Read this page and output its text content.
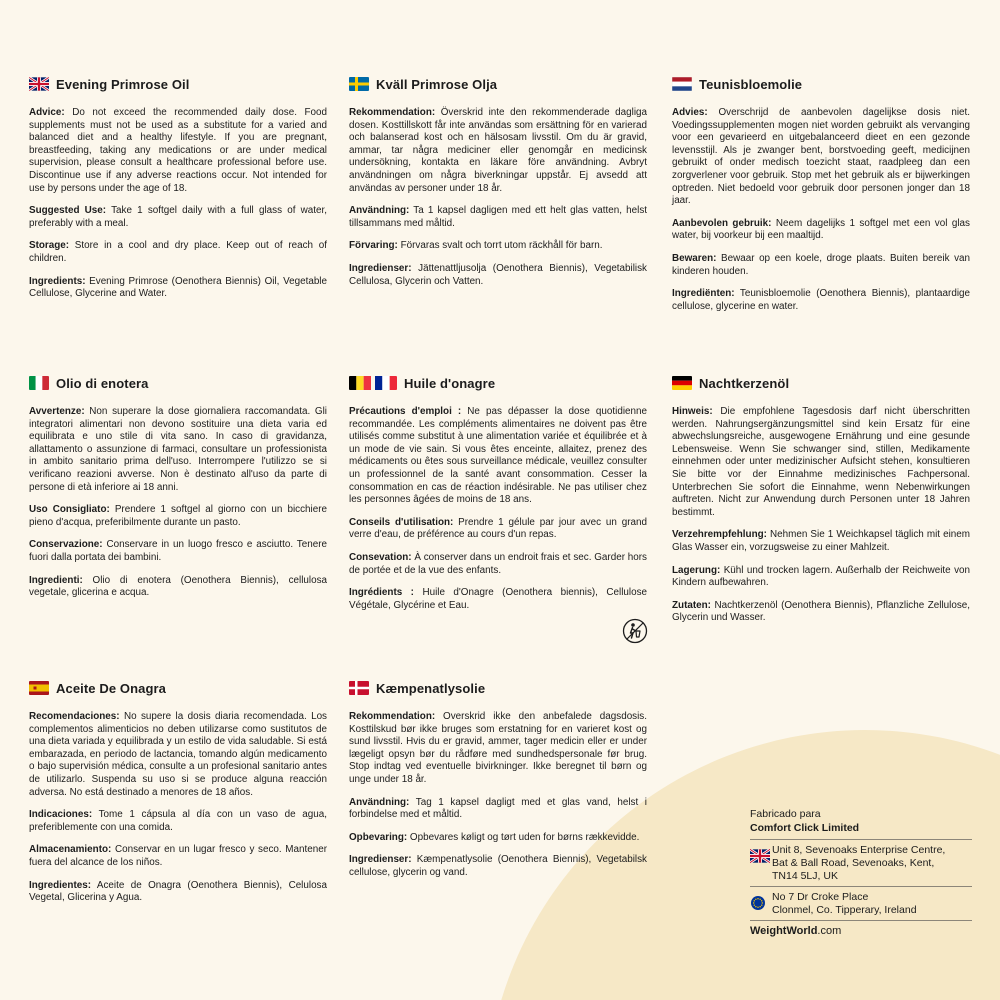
Evening Primrose Oil

Advice: Do not exceed the recommended daily dose. Food supplements must not be used as a substitute for a varied and balanced diet and a healthy lifestyle. If you are pregnant, breastfeeding, taking any medications or are under medical supervision, please consult a healthcare professional before use. Discontinue use if any adverse reactions occur. Not intended for use by persons under the age of 18.

Suggested Use: Take 1 softgel daily with a full glass of water, preferably with a meal.

Storage: Store in a cool and dry place. Keep out of reach of children.

Ingredients: Evening Primrose (Oenothera Biennis) Oil, Vegetable Cellulose, Glycerine and Water.

Kväll Primrose Olja

Rekommendation: Överskrid inte den rekommenderade dagliga dosen. Kosttillskott får inte användas som ersättning för en varierad och balanserad kost och en hälsosam livsstil. Om du är gravid, ammar, tar några mediciner eller genomgår en medicinsk undersökning, kontakta en läkare före användning. Avbryt användningen om några biverkningar uppstår. Ej avsedd att användas av personer under 18 år.

Användning: Ta 1 kapsel dagligen med ett helt glas vatten, helst tillsammans med måltid.

Förvaring: Förvaras svalt och torrt utom räckhåll för barn.

Ingredienser: Jättenattljusolja (Oenothera Biennis), Vegetabilisk Cellulosa, Glycerin och Vatten.

Teunisbloemolie

Advies: Overschrijd de aanbevolen dagelijkse dosis niet. Voedingssupplementen mogen niet worden gebruikt als vervanging voor een gevarieerd en uitgebalanceerd dieet en een gezonde levensstijl. Als je zwanger bent, borstvoeding geeft, medicijnen gebruikt of onder medisch toezicht staat, raadpleeg dan een zorgverlener voor gebruik. Stop met het gebruik als er bijwerkingen optreden. Niet bedoeld voor gebruik door personen jonger dan 18 jaar.

Aanbevolen gebruik: Neem dagelijks 1 softgel met een vol glas water, bij voorkeur bij een maaltijd.

Bewaren: Bewaar op een koele, droge plaats. Buiten bereik van kinderen houden.

Ingrediënten: Teunisbloemolie (Oenothera Biennis), plantaardige cellulose, glycerine en water.

Olio di enotera

Avvertenze: Non superare la dose giornaliera raccomandata. Gli integratori alimentari non devono sostituire una dieta varia ed equilibrata e uno stile di vita sano. In caso di gravidanza, allattamento o assunzione di farmaci, consultare un professionista in ambito sanitario prima dell'uso. Interrompere l'utilizzo se si verificano reazioni avverse. Non è destinato all'uso da parte di persone di età inferiore ai 18 anni.

Uso Consigliato: Prendere 1 softgel al giorno con un bicchiere pieno d'acqua, preferibilmente durante un pasto.

Conservazione: Conservare in un luogo fresco e asciutto. Tenere fuori dalla portata dei bambini.

Ingredienti: Olio di enotera (Oenothera Biennis), cellulosa vegetale, glicerina e acqua.

Huile d'onagre

Précautions d'emploi : Ne pas dépasser la dose quotidienne recommandée. Les compléments alimentaires ne doivent pas être utilisés comme substitut à une alimentation variée et équilibrée et à un mode de vie sain. Si vous êtes enceinte, allaitez, prenez des médicaments ou êtes sous surveillance médicale, veuillez consulter un professionnel de la santé avant consommation. Cesser la consommation en cas de réaction indésirable. Ne pas utiliser chez les personnes âgées de moins de 18 ans.

Conseils d'utilisation: Prendre 1 gélule par jour avec un grand verre d'eau, de préférence au cours d'un repas.

Consevation: À conserver dans un endroit frais et sec. Garder hors de portée et de la vue des enfants.

Ingrédients : Huile d'Onagre (Oenothera biennis), Cellulose Végétale, Glycérine et Eau.

Nachtkerzenöl

Hinweis: Die empfohlene Tagesdosis darf nicht überschritten werden. Nahrungsergänzungsmittel sind kein Ersatz für eine abwechslungsreiche, ausgewogene Ernährung und eine gesunde Lebensweise. Wenn Sie schwanger sind, stillen, Medikamente einnehmen oder unter medizinischer Aufsicht stehen, konsultieren Sie bitte vor der Einnahme medizinisches Fachpersonal. Unterbrechen Sie sofort die Einnahme, wenn Nebenwirkungen auftreten. Nicht zur Anwendung durch Personen unter 18 Jahren bestimmt.

Verzehrempfehlung: Nehmen Sie 1 Weichkapsel täglich mit einem Glas Wasser ein, vorzugsweise zu einer Mahlzeit.

Lagerung: Kühl und trocken lagern. Außerhalb der Reichweite von Kindern aufbewahren.

Zutaten: Nachtkerzenöl (Oenothera Biennis), Pflanzliche Zellulose, Glycerin und Wasser.

Aceite De Onagra

Recomendaciones: No supere la dosis diaria recomendada. Los complementos alimenticios no deben utilizarse como sustitutos de una dieta variada y equilibrada y un estilo de vida saludable. Si está embarazada, en periodo de lactancia, tomando algún medicamento o bajo supervisión médica, consulte a un profesional sanitario antes de utilizarlo. Suspenda su uso si se produce alguna reacción adversa. No está destinado a menores de 18 años.

Indicaciones: Tome 1 cápsula al día con un vaso de agua, preferiblemente con una comida.

Almacenamiento: Conservar en un lugar fresco y seco. Mantener fuera del alcance de los niños.

Ingredientes: Aceite de Onagra (Oenothera Biennis), Celulosa Vegetal, Glicerina y Agua.

Kæmpenatlysolie

Rekommendation: Overskrid ikke den anbefalede dagsdosis. Kosttilskud bør ikke bruges som erstatning for en varieret kost og sund livsstil. Hvis du er gravid, ammer, tager medicin eller er under lægeligt opsyn bør du rådføre med sundhedspersonale før brug. Stop indtag ved eventuelle bivirkninger. Ikke beregnet til børn og unge under 18 år.

Användning: Tag 1 kapsel dagligt med et glas vand, helst i forbindelse med et måltid.

Opbevaring: Opbevares køligt og tørt uden for børns rækkevidde.

Ingredienser: Kæmpenatlysolie (Oenothera Biennis), Vegetabilsk cellulose, glycerin og vand.

Fabricado para
Comfort Click Limited
Unit 8, Sevenoaks Enterprise Centre,
Bat & Ball Road, Sevenoaks, Kent,
TN14 5LJ, UK
No 7 Dr Croke Place
Clonmel, Co. Tipperary, Ireland
WeightWorld.com
